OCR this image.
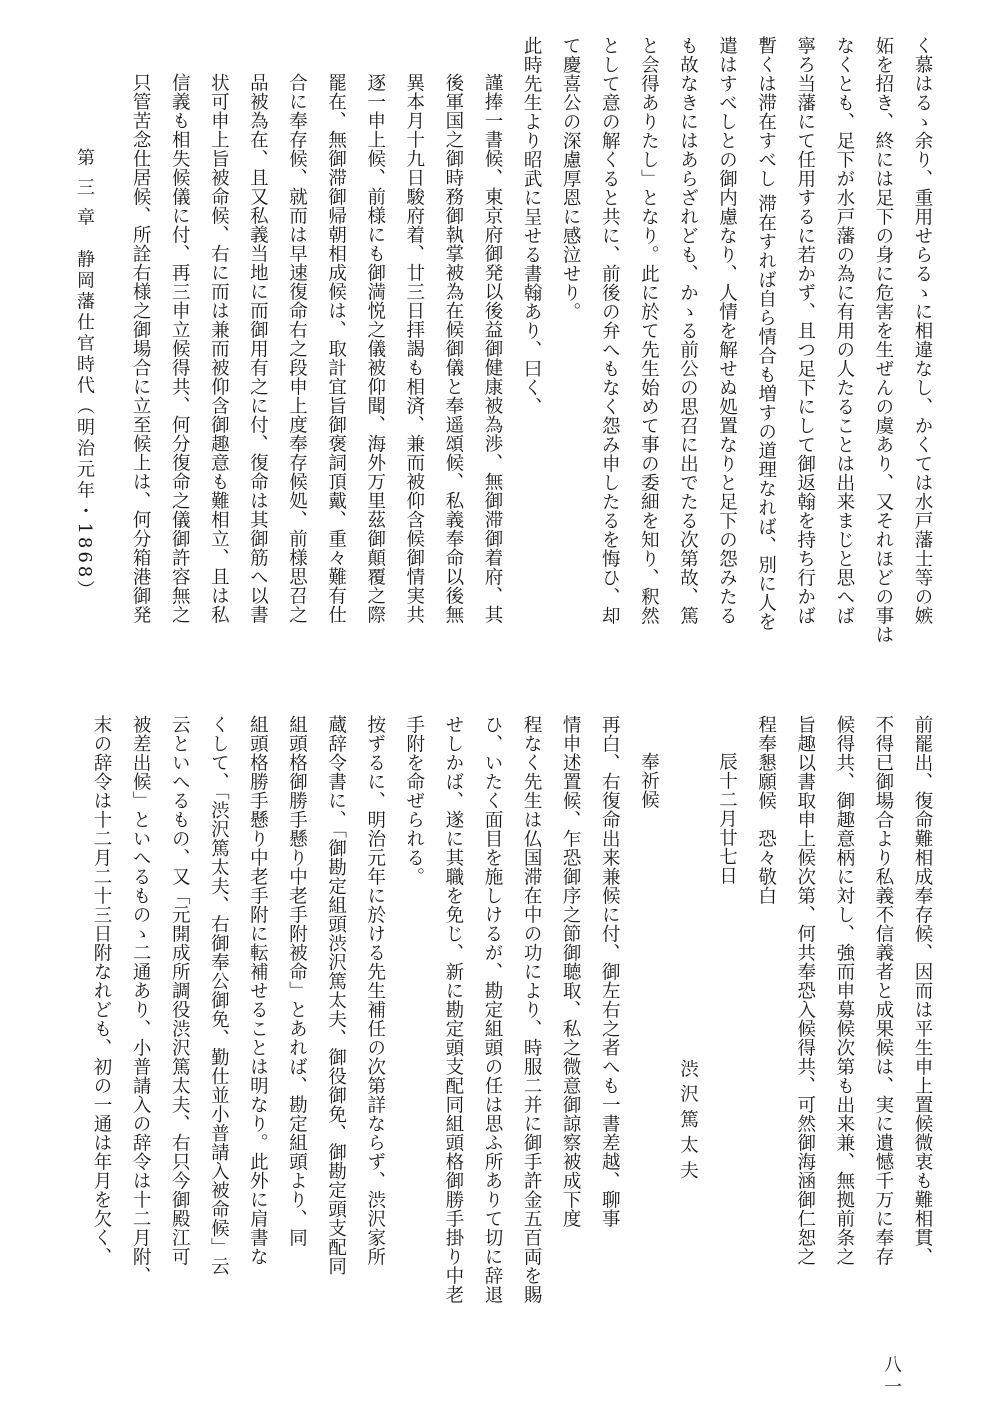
く慕はるゝ余り、重用せらるゝに相違なし、かくては水戸藩士等の嫉
妬を招き、終には足下の身に危害を生ぜんの虞あり、又それほどの事は
なくとも、足下が水戸藩の為に有用の人たることは出来まじと思へば
寧ろ当藩にて任用するに若かず、且つ足下にして御返翰を持ち行かば
暫くは滞在すべし 滞在すれば自ら情合も増すの道理なれば、別に人を
遣はすべしとの御内慮なり、人情を解せぬ処置なりと足下の怨みたる
も故なきにはあらざれども、かゝる前公の思召に出でたる次第故、篤
と会得ありたし」となり。此に於て先生始めて事の委細を知り、釈然
として意の解くると共に、前後の弁へもなく怨み申したるを悔ひ、却
て慶喜公の深慮厚恩に感泣せり。
此時先生より昭武に呈せる書翰あり、曰く、
謹捧一書候、東京府御発以後益御健康被為渉、無御滞御着府、其
後軍国之御時務御執掌被為在候御儀と奉遥頌候、私義奉命以後無
異本月十九日駿府着、廿三日拝謁も相済、兼而被仰含候御情実共
逐一申上候、前様にも御満悦之儀被仰聞、海外万里茲御顛覆之際
罷在、無御滞御帰朝相成候は、取計宜旨御褒詞頂戴、重々難有仕
合に奉存候、就而は早速復命右之段申上度奉存候処、前様思召之
品被為在、且又私義当地に而御用有之に付、復命は其御筋へ以書
状可申上旨被命候、右に而は兼而被仰含御趣意も難相立、且は私
信義も相失候儀に付、再三申立候得共、何分復命之儀御許容無之
只管苦念仕居候、所詮右様之御場合に立至候上は、何分箱港御発
前罷出、復命難相成奉存候、因而は平生申上置候微衷も難相貫、
不得已御場合より私義不信義者と成果候は、実に遺憾千万に奉存
候得共、御趣意柄に対し、強而申募候次第も出来兼、無拠前条之
旨趣以書取申上候次第、何共奉恐入候得共、可然御海涵御仁恕之
程奉懇願候　恐々敬白
辰十二月廿七日
渋 沢 篤 太 夫
奉祈候
再白、右復命出来兼候に付、御左右之者へも一書差越、聊事
情申述置候、乍恐御序之節御聴取、私之微意御諒察被成下度
程なく先生は仏国滞在中の功により、時服二并に御手許金五百両を賜
ひ、いたく面目を施しけるが、勘定組頭の任は思ふ所ありて切に辞退
せしかば、遂に其職を免じ、新に勘定頭支配同組頭格御勝手掛り中老
手附を命ぜられる。
按ずるに、明治元年に於ける先生補任の次第詳ならず、渋沢家所
蔵辞令書に、「御勘定組頭渋沢篤太夫、御役御免、御勘定頭支配同
組頭格御勝手懸り中老手附被命」とあれば、勘定組頭より、同
組頭格勝手懸り中老手附に転補せることは明なり。此外に肩書な
くして、「渋沢篤太夫、右御奉公御免、勤仕並小普請入被命候」云
云といへるもの、又「元開成所調役渋沢篤太夫、右只今御殿江可
被差出候」といへるものゝ二通あり、小普請入の辞令は十二月附、
末の辞令は十二月二十三日附なれども、初の一通は年月を欠く、
第 三 章　静岡藩仕官時代（明治元年・1868）
八一
